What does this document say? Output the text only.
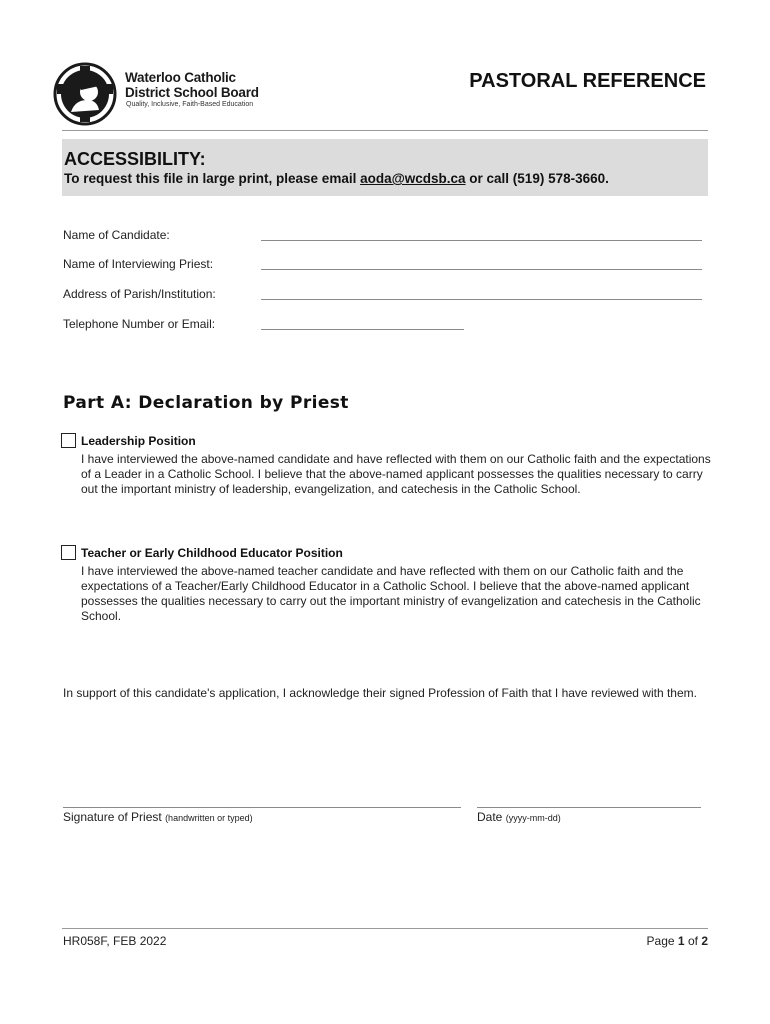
Waterloo Catholic
District School Board
Quality, Inclusive, Faith-Based Education
PASTORAL REFERENCE
ACCESSIBILITY:
To request this file in large print, please email aoda@wcdsb.ca or call (519) 578-3660.
Name of Candidate:
Name of Interviewing Priest:
Address of Parish/Institution:
Telephone Number or Email:
Part A: Declaration by Priest
Leadership Position
I have interviewed the above-named candidate and have reflected with them on our Catholic faith and the expectations of a Leader in a Catholic School. I believe that the above-named applicant possesses the qualities necessary to carry out the important ministry of leadership, evangelization, and catechesis in the Catholic School.
Teacher or Early Childhood Educator Position
I have interviewed the above-named teacher candidate and have reflected with them on our Catholic faith and the expectations of a Teacher/Early Childhood Educator in a Catholic School. I believe that the above-named applicant possesses the qualities necessary to carry out the important ministry of evangelization and catechesis in the Catholic School.
In support of this candidate's application, I acknowledge their signed Profession of Faith that I have reviewed with them.
Signature of Priest (handwritten or typed)	Date (yyyy-mm-dd)
HR058F, FEB 2022	Page 1 of 2
